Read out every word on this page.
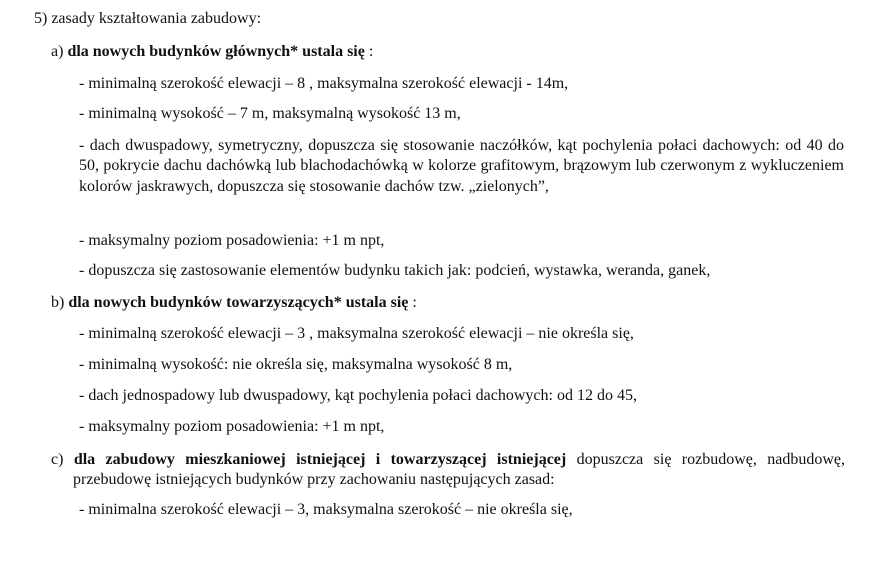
5) zasady kształtowania zabudowy:
a) dla nowych budynków głównych* ustala się :
- minimalną szerokość elewacji – 8 , maksymalna szerokość elewacji - 14m,
- minimalną wysokość – 7 m, maksymalną wysokość 13 m,
- dach dwuspadowy, symetryczny, dopuszcza się stosowanie naczółków, kąt pochylenia połaci dachowych: od 40 do 50, pokrycie dachu dachówką lub blachodachówką w kolorze grafitowym, brązowym lub czerwonym z wykluczeniem kolorów jaskrawych, dopuszcza się stosowanie dachów tzw. „zielonych”,
- maksymalny poziom posadowienia: +1 m npt,
- dopuszcza się zastosowanie elementów budynku takich jak: podcień, wystawka, weranda, ganek,
b) dla nowych budynków towarzyszących* ustala się :
- minimalną szerokość elewacji – 3 , maksymalna szerokość elewacji – nie określa się,
- minimalną wysokość: nie określa się, maksymalna wysokość 8 m,
- dach jednospadowy lub dwuspadowy, kąt pochylenia połaci dachowych: od 12 do 45,
- maksymalny poziom posadowienia: +1 m npt,
c) dla zabudowy mieszkaniowej istniejącej i towarzyszącej istniejącej dopuszcza się rozbudowę, nadbudowę, przebudowę istniejących budynków przy zachowaniu następujących zasad:
- minimalna szerokość elewacji – 3, maksymalna szerokość – nie określa się,
